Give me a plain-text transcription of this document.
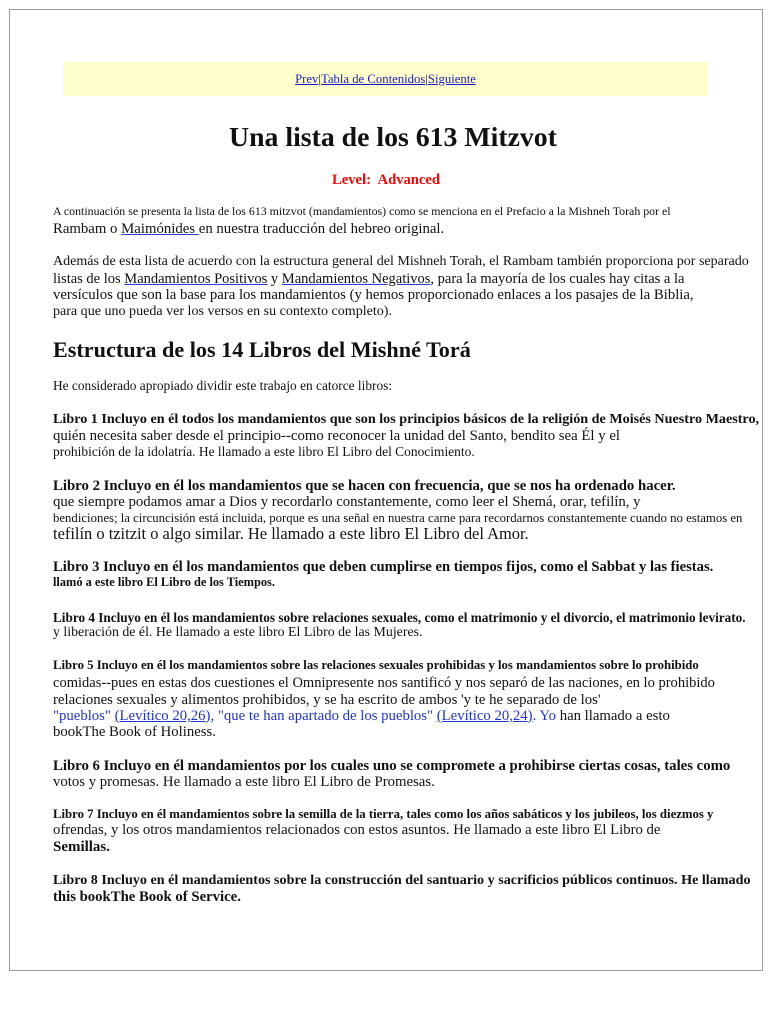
Prev|Tabla de Contenidos|Siguiente
Una lista de los 613 Mitzvot
Level: Advanced
A continuación se presenta la lista de los 613 mitzvot (mandamientos) como se menciona en el Prefacio a la Mishneh Torah por el
Rambam o Maimónides en nuestra traducción del hebreo original.
Además de esta lista de acuerdo con la estructura general del Mishneh Torah, el Rambam también proporciona por separado
listas de los Mandamientos Positivos y Mandamientos Negativos, para la mayoría de los cuales hay citas a la
versículos que son la base para los mandamientos (y hemos proporcionado enlaces a los pasajes de la Biblia,
para que uno pueda ver los versos en su contexto completo).
Estructura de los 14 Libros del Mishné Torá
He considerado apropiado dividir este trabajo en catorce libros:
Libro 1 Incluyo en él todos los mandamientos que son los principios básicos de la religión de Moisés Nuestro Maestro,
quién necesita saber desde el principio--como reconocer la unidad del Santo, bendito sea Él y el
prohibición de la idolatría. He llamado a este libro El Libro del Conocimiento.
Libro 2 Incluyo en él los mandamientos que se hacen con frecuencia, que se nos ha ordenado hacer.
que siempre podamos amar a Dios y recordarlo constantemente, como leer el Shemá, orar, tefilín, y
bendiciones; la circuncisión está incluida, porque es una señal en nuestra carne para recordarnos constantemente cuando no estamos en
tefilín o tzitzit o algo similar. He llamado a este libro El Libro del Amor.
Libro 3 Incluyo en él los mandamientos que deben cumplirse en tiempos fijos, como el Sabbat y las fiestas.
llamó a este libro El Libro de los Tiempos.
Libro 4 Incluyo en él los mandamientos sobre relaciones sexuales, como el matrimonio y el divorcio, el matrimonio levirato.
y liberación de él. He llamado a este libro El Libro de las Mujeres.
Libro 5 Incluyo en él los mandamientos sobre las relaciones sexuales prohibidas y los mandamientos sobre lo prohibido
comidas--pues en estas dos cuestiones el Omnipresente nos santificó y nos separó de las naciones, en lo prohibido
relaciones sexuales y alimentos prohibidos, y se ha escrito de ambos 'y te he separado de los'
"pueblos" (Levítico 20,26), "que te han apartado de los pueblos" (Levítico 20,24). Yo han llamado a esto
bookThe Book of Holiness.
Libro 6 Incluyo en él mandamientos por los cuales uno se compromete a prohibirse ciertas cosas, tales como
votos y promesas. He llamado a este libro El Libro de Promesas.
Libro 7 Incluyo en él mandamientos sobre la semilla de la tierra, tales como los años sabáticos y los jubileos, los diezmos y
ofrendas, y los otros mandamientos relacionados con estos asuntos. He llamado a este libro El Libro de
Semillas.
Libro 8 Incluyo en él mandamientos sobre la construcción del santuario y sacrificios públicos continuos. He llamado
this bookThe Book of Service.
